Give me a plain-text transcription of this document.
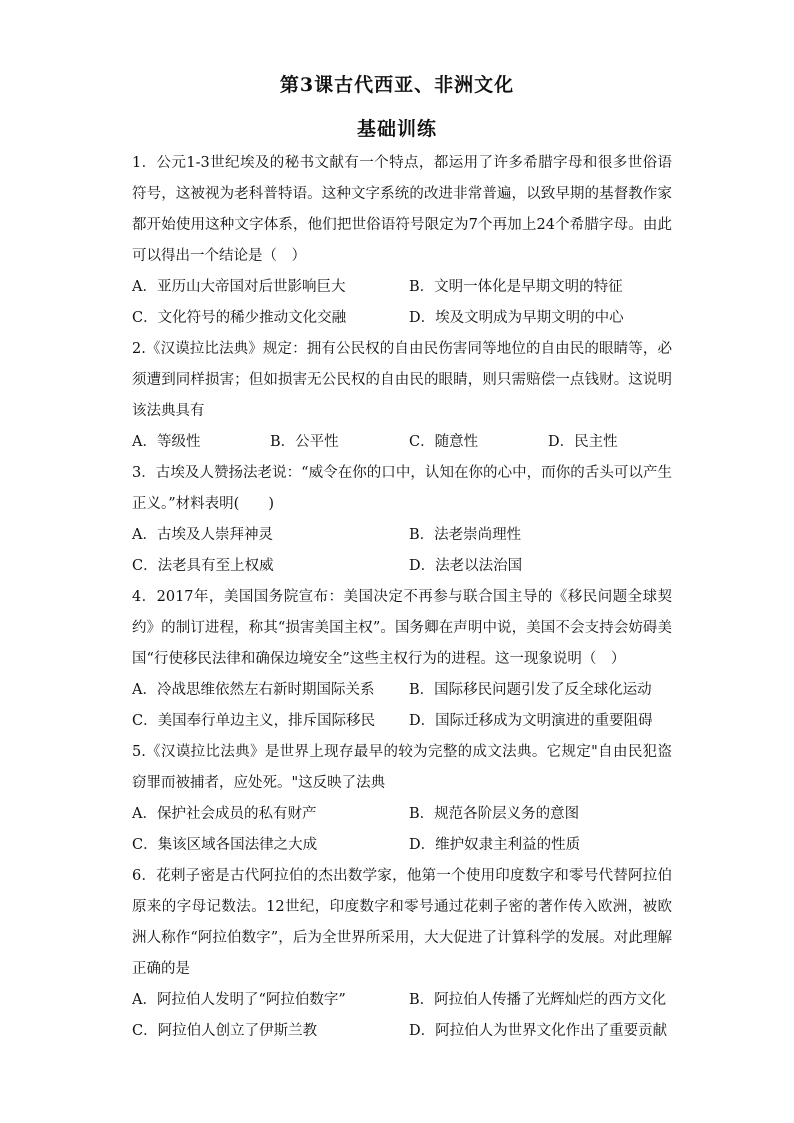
第3课古代西亚、非洲文化
基础训练

1．公元1-3世纪埃及的秘书文献有一个特点，都运用了许多希腊字母和很多世俗语符号，这被视为老科普特语。这种文字系统的改进非常普遍，以致早期的基督教作家都开始使用这种文字体系，他们把世俗语符号限定为7个再加上24个希腊字母。由此可以得出一个结论是（　）

A．亚历山大帝国对后世影响巨大	B．文明一体化是早期文明的特征
C．文化符号的稀少推动文化交融	D．埃及文明成为早期文明的中心

2.《汉谟拉比法典》规定：拥有公民权的自由民伤害同等地位的自由民的眼睛等，必须遭到同样损害；但如损害无公民权的自由民的眼睛，则只需赔偿一点钱财。这说明该法典具有

A．等级性	B．公平性	C．随意性	D．民主性

3．古埃及人赞扬法老说：“威令在你的口中，认知在你的心中，而你的舌头可以产生正义。”材料表明(　　)

A．古埃及人崇拜神灵	B．法老崇尚理性
C．法老具有至上权威	D．法老以法治国

4．2017年，美国国务院宣布：美国决定不再参与联合国主导的《移民问题全球契约》的制订进程，称其“损害美国主权”。国务卿在声明中说，美国不会支持会妨碍美国“行使移民法律和确保边境安全”这些主权行为的进程。这一现象说明（　）

A．冷战思维依然左右新时期国际关系 B．国际移民问题引发了反全球化运动
C．美国奉行单边主义，排斥国际移民 D．国际迁移成为文明演进的重要阻碍

5.《汉谟拉比法典》是世界上现存最早的较为完整的成文法典。它规定"自由民犯盗窃罪而被捕者，应处死。"这反映了法典

A．保护社会成员的私有财产	B．规范各阶层义务的意图
C．集该区域各国法律之大成	D．维护奴隶主利益的性质

6．花剌子密是古代阿拉伯的杰出数学家，他第一个使用印度数字和零号代替阿拉伯原来的字母记数法。12世纪，印度数字和零号通过花剌子密的著作传入欧洲，被欧洲人称作“阿拉伯数字”，后为全世界所采用，大大促进了计算科学的发展。对此理解正确的是

A．阿拉伯人发明了“阿拉伯数字”	B．阿拉伯人传播了光辉灿烂的西方文化
C．阿拉伯人创立了伊斯兰教	D．阿拉伯人为世界文化作出了重要贡献
